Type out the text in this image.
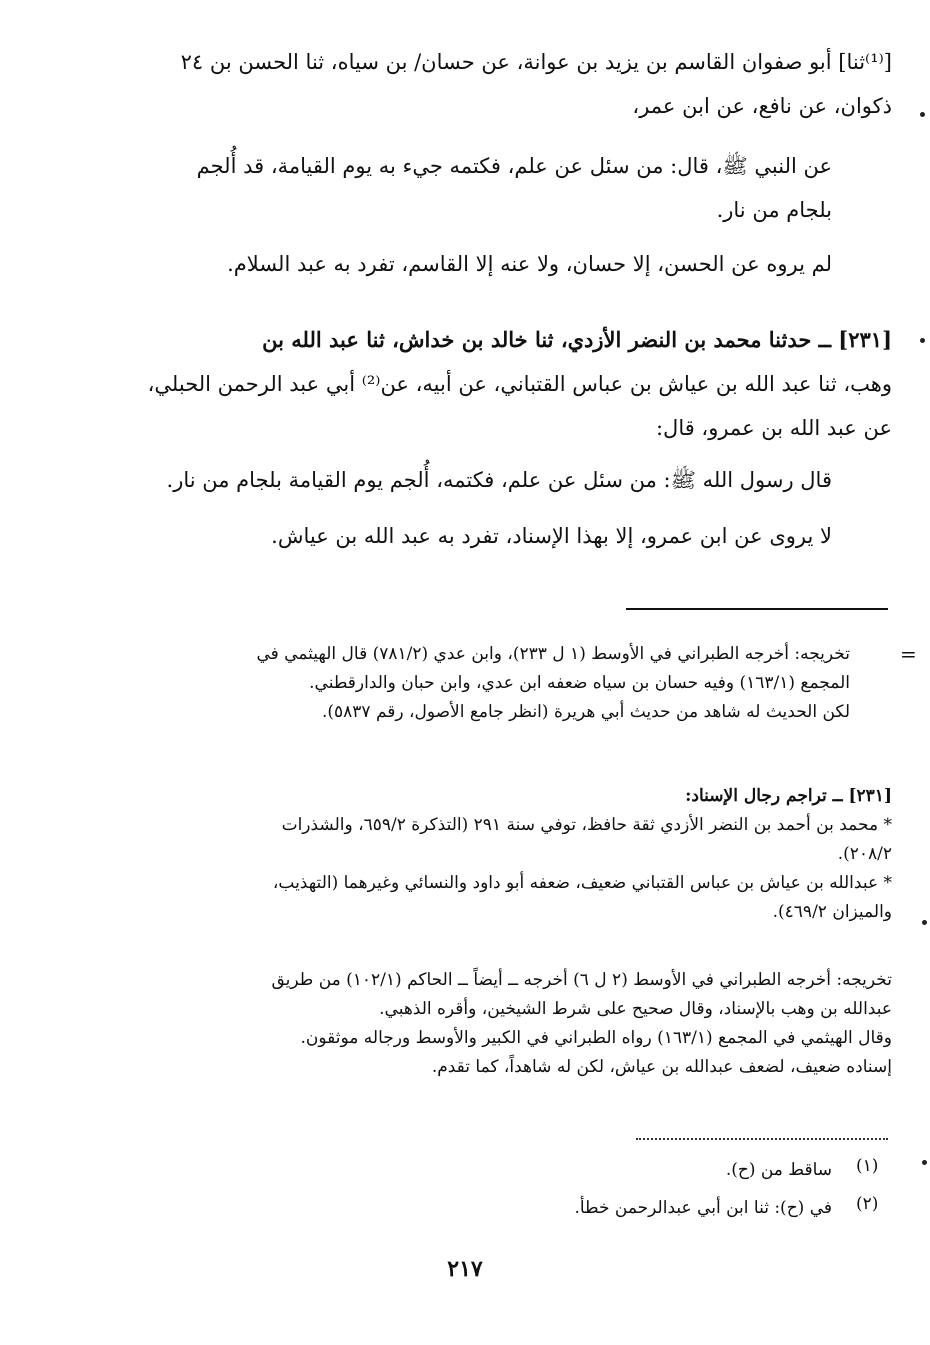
[⁽¹⁾ثنا] أبو صفوان القاسم بن يزيد بن عوانة، عن حسان/ بن سياه، ثنا الحسن بن ٢٤
ذكوان، عن نافع، عن ابن عمر،
عن النبي ﷺ، قال: من سئل عن علم، فكتمه جيء به يوم القيامة، قد أُلجم
بلجام من نار.
لم يروه عن الحسن، إلا حسان، ولا عنه إلا القاسم، تفرد به عبد السلام.
[٢٣١] ــ حدثنا محمد بن النضر الأزدي، ثنا خالد بن خداش، ثنا عبد الله بن
وهب، ثنا عبد الله بن عياش بن عباس القتباني، عن أبيه، عن⁽²⁾ أبي عبد الرحمن الحبلي،
عن عبد الله بن عمرو، قال:
قال رسول الله ﷺ: من سئل عن علم، فكتمه، أُلجم يوم القيامة بلجام من نار.
لا يروى عن ابن عمرو، إلا بهذا الإسناد، تفرد به عبد الله بن عياش.
=
تخريجه: أخرجه الطبراني في الأوسط (١ ل ٢٣٣)، وابن عدي (٧٨١/٢) قال الهيثمي في
المجمع (١٦٣/١) وفيه حسان بن سياه ضعفه ابن عدي، وابن حبان والدارقطني.
لكن الحديث له شاهد من حديث أبي هريرة (انظر جامع الأصول، رقم ٥٨٣٧).
[٢٣١] ــ تراجم رجال الإسناد:
* محمد بن أحمد بن النضر الأزدي ثقة حافظ، توفي سنة ٢٩١ (التذكرة ٦٥٩/٢، والشذرات
٢٠٨/٢).
* عبدالله بن عياش بن عباس القتباني ضعيف، ضعفه أبو داود والنسائي وغيرهما (التهذيب،
والميزان ٤٦٩/٢).
تخريجه: أخرجه الطبراني في الأوسط (٢ ل ٦) أخرجه ــ أيضاً ــ الحاكم (١٠٢/١) من طريق
عبدالله بن وهب بالإسناد، وقال صحيح على شرط الشيخين، وأقره الذهبي.
وقال الهيثمي في المجمع (١٦٣/١) رواه الطبراني في الكبير والأوسط ورجاله موثقون.
إسناده ضعيف، لضعف عبدالله بن عياش، لكن له شاهداً، كما تقدم.
(١)
ساقط من (ح).
(٢)
في (ح): ثنا ابن أبي عبدالرحمن خطأ.
٢١٧
